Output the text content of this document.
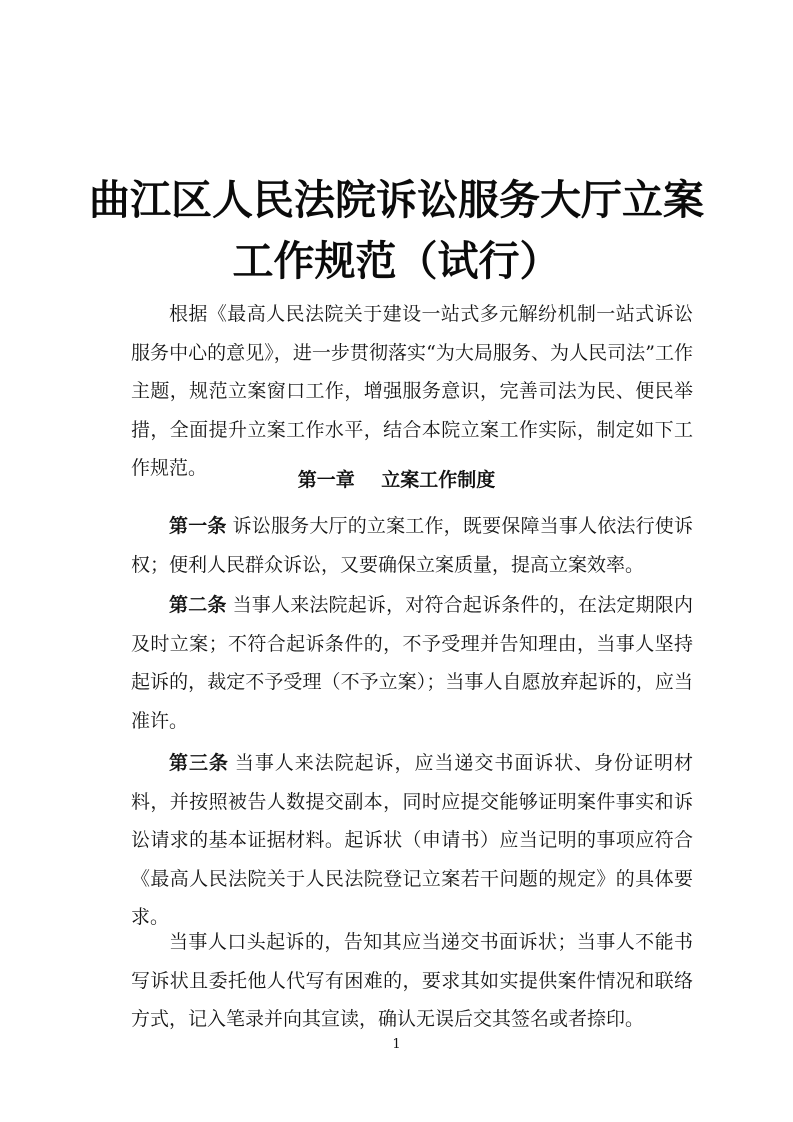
曲江区人民法院诉讼服务大厅立案
工作规范（试行）

根据《最高人民法院关于建设一站式多元解纷机制一站式诉讼服务中心的意见》，进一步贯彻落实“为大局服务、为人民司法”工作主题，规范立案窗口工作，增强服务意识，完善司法为民、便民举措，全面提升立案工作水平，结合本院立案工作实际，制定如下工作规范。

第一章    立案工作制度

第一条 诉讼服务大厅的立案工作，既要保障当事人依法行使诉权；便利人民群众诉讼，又要确保立案质量，提高立案效率。

第二条 当事人来法院起诉，对符合起诉条件的，在法定期限内及时立案；不符合起诉条件的，不予受理并告知理由，当事人坚持起诉的，裁定不予受理（不予立案）；当事人自愿放弃起诉的，应当准许。

第三条 当事人来法院起诉，应当递交书面诉状、身份证明材料，并按照被告人数提交副本，同时应提交能够证明案件事实和诉讼请求的基本证据材料。起诉状（申请书）应当记明的事项应符合《最高人民法院关于人民法院登记立案若干问题的规定》的具体要求。

当事人口头起诉的，告知其应当递交书面诉状；当事人不能书写诉状且委托他人代写有困难的，要求其如实提供案件情况和联络方式，记入笔录并向其宣读，确认无误后交其签名或者捺印。

1
